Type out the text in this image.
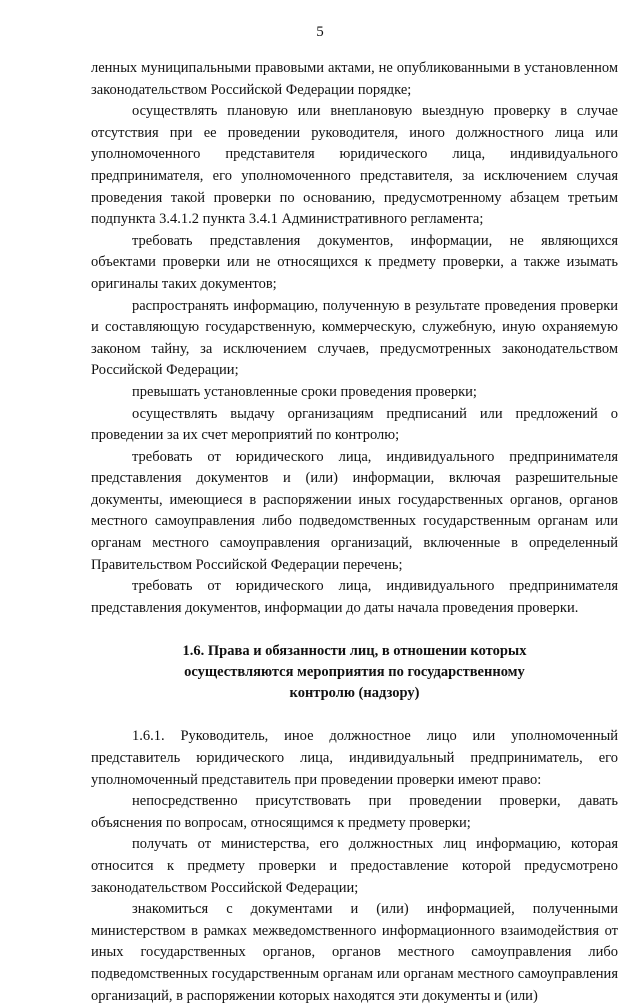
5

ленных муниципальными правовыми актами, не опубликованными в установленном законодательством Российской Федерации порядке;

осуществлять плановую или внеплановую выездную проверку в случае отсутствия при ее проведении руководителя, иного должностного лица или уполномоченного представителя юридического лица, индивидуального предпринимателя, его уполномоченного представителя, за исключением случая проведения такой проверки по основанию, предусмотренному абзацем третьим подпункта 3.4.1.2 пункта 3.4.1 Административного регламента;

требовать представления документов, информации, не являющихся объектами проверки или не относящихся к предмету проверки, а также изымать оригиналы таких документов;

распространять информацию, полученную в результате проведения проверки и составляющую государственную, коммерческую, служебную, иную охраняемую законом тайну, за исключением случаев, предусмотренных законодательством Российской Федерации;

превышать установленные сроки проведения проверки;

осуществлять выдачу организациям предписаний или предложений о проведении за их счет мероприятий по контролю;

требовать от юридического лица, индивидуального предпринимателя представления документов и (или) информации, включая разрешительные документы, имеющиеся в распоряжении иных государственных органов, органов местного самоуправления либо подведомственных государственным органам или органам местного самоуправления организаций, включенные в определенный Правительством Российской Федерации перечень;

требовать от юридического лица, индивидуального предпринимателя представления документов, информации до даты начала проведения проверки.

1.6. Права и обязанности лиц, в отношении которых
осуществляются мероприятия по государственному
контролю (надзору)

1.6.1. Руководитель, иное должностное лицо или уполномоченный представитель юридического лица, индивидуальный предприниматель, его уполномоченный представитель при проведении проверки имеют право:

непосредственно присутствовать при проведении проверки, давать объяснения по вопросам, относящимся к предмету проверки;

получать от министерства, его должностных лиц информацию, которая относится к предмету проверки и предоставление которой предусмотрено законодательством Российской Федерации;

знакомиться с документами и (или) информацией, полученными министерством в рамках межведомственного информационного взаимодействия от иных государственных органов, органов местного самоуправления либо подведомственных государственным органам или органам местного самоуправления организаций, в распоряжении которых находятся эти документы и (или)
